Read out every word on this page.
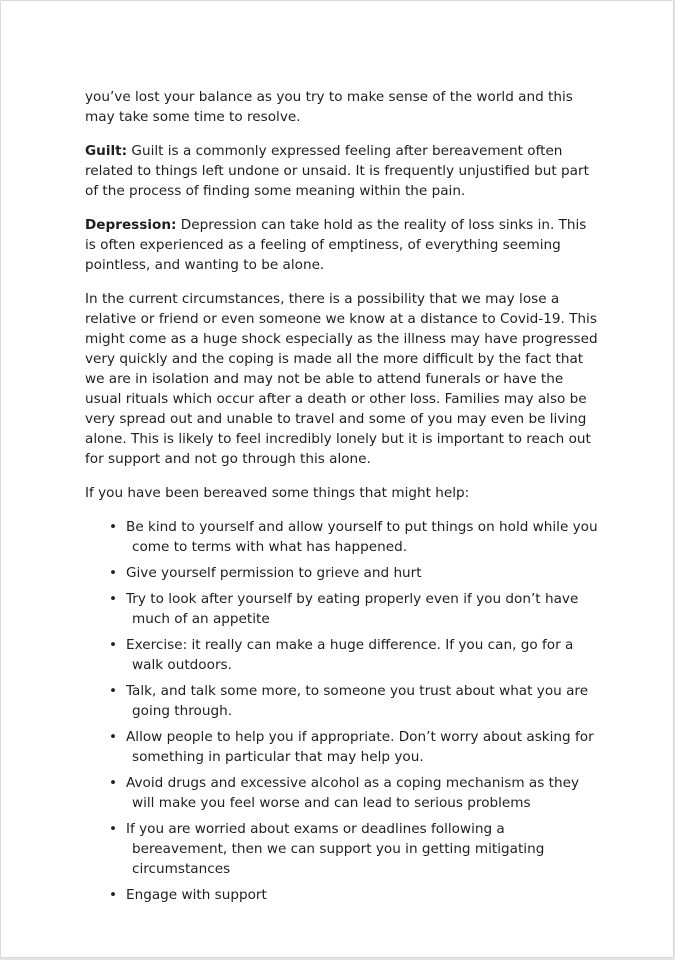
you’ve lost your balance as you try to make sense of the world and this may take some time to resolve.

Guilt: Guilt is a commonly expressed feeling after bereavement often related to things left undone or unsaid. It is frequently unjustified but part of the process of finding some meaning within the pain.

Depression: Depression can take hold as the reality of loss sinks in. This is often experienced as a feeling of emptiness, of everything seeming pointless, and wanting to be alone.

In the current circumstances, there is a possibility that we may lose a relative or friend or even someone we know at a distance to Covid-19. This might come as a huge shock especially as the illness may have progressed very quickly and the coping is made all the more difficult by the fact that we are in isolation and may not be able to attend funerals or have the usual rituals which occur after a death or other loss. Families may also be very spread out and unable to travel and some of you may even be living alone. This is likely to feel incredibly lonely but it is important to reach out for support and not go through this alone.

If you have been bereaved some things that might help:

• Be kind to yourself and allow yourself to put things on hold while you come to terms with what has happened.
• Give yourself permission to grieve and hurt
• Try to look after yourself by eating properly even if you don’t have much of an appetite
• Exercise: it really can make a huge difference. If you can, go for a walk outdoors.
• Talk, and talk some more, to someone you trust about what you are going through.
• Allow people to help you if appropriate. Don’t worry about asking for something in particular that may help you.
• Avoid drugs and excessive alcohol as a coping mechanism as they will make you feel worse and can lead to serious problems
• If you are worried about exams or deadlines following a bereavement, then we can support you in getting mitigating circumstances
• Engage with support
